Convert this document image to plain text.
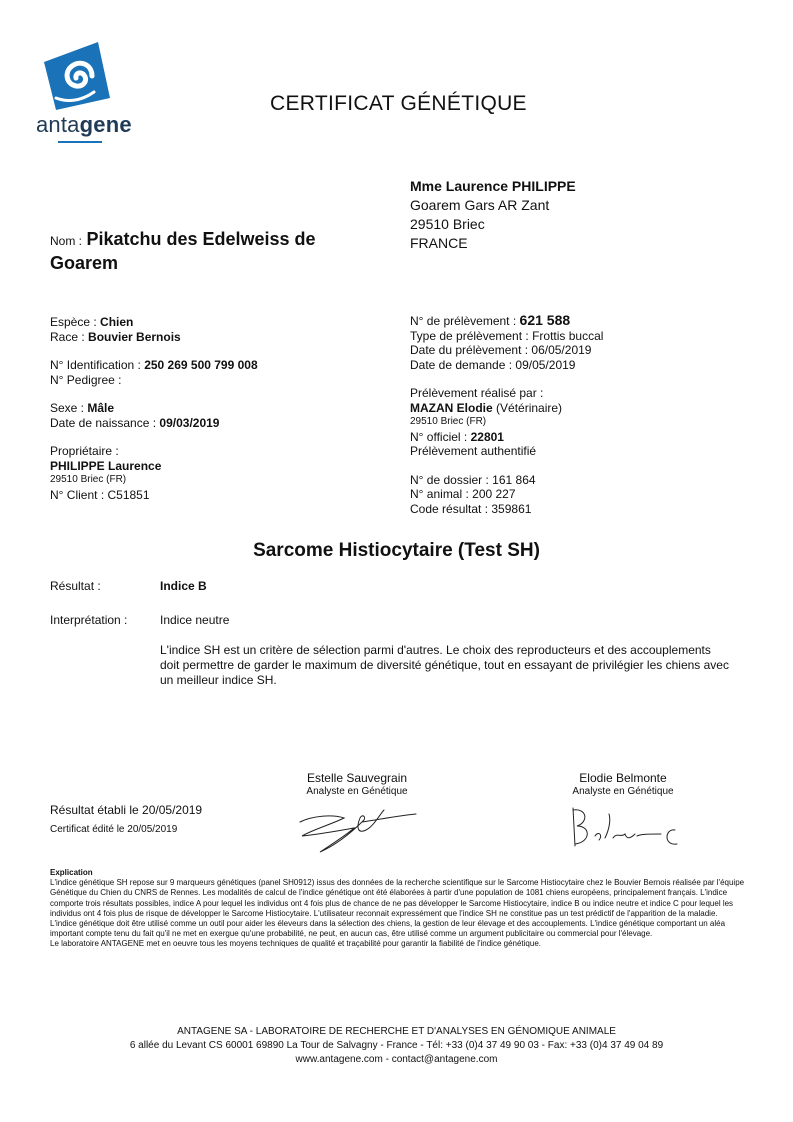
antagene
CERTIFICAT GÉNÉTIQUE
Mme Laurence PHILIPPE
Goarem Gars AR Zant
29510 Briec
FRANCE
Nom : Pikatchu des Edelweiss de Goarem
Espèce : Chien
Race : Bouvier Bernois
N° Identification : 250 269 500 799 008
N° Pedigree :
Sexe : Mâle
Date de naissance : 09/03/2019
Propriétaire :
PHILIPPE Laurence
29510 Briec (FR)
N° Client : C51851
N° de prélèvement : 621 588
Type de prélèvement : Frottis buccal
Date du prélèvement : 06/05/2019
Date de demande : 09/05/2019
Prélèvement réalisé par :
MAZAN Elodie (Vétérinaire)
29510 Briec (FR)
N° officiel : 22801
Prélèvement authentifié
N° de dossier : 161 864
N° animal : 200 227
Code résultat : 359861
Sarcome Histiocytaire (Test SH)
Résultat :	Indice B
Interprétation :	Indice neutre
L'indice SH est un critère de sélection parmi d'autres. Le choix des reproducteurs et des accouplements doit permettre de garder le maximum de diversité génétique, tout en essayant de privilégier les chiens avec un meilleur indice SH.
Estelle Sauvegrain
Analyste en Génétique
Elodie Belmonte
Analyste en Génétique
Résultat établi le 20/05/2019
Certificat édité le 20/05/2019
Explication
L'indice génétique SH repose sur 9 marqueurs génétiques (panel SH0912) issus des données de la recherche scientifique sur le Sarcome Histiocytaire chez le Bouvier Bernois réalisée par l'équipe Génétique du Chien du CNRS de Rennes. Les modalités de calcul de l'indice génétique ont été élaborées à partir d'une population de 1081 chiens européens, principalement français. L'indice comporte trois résultats possibles, indice A pour lequel les individus ont 4 fois plus de chance de ne pas développer le Sarcome Histiocytaire, indice B ou indice neutre et indice C pour lequel les individus ont 4 fois plus de risque de développer le Sarcome Histiocytaire. L'utilisateur reconnait expressément que l'indice SH ne constitue pas un test prédictif de l'apparition de la maladie.
L'indice génétique doit être utilisé comme un outil pour aider les éleveurs dans la sélection des chiens, la gestion de leur élevage et des accouplements. L'indice génétique comportant un aléa important compte tenu du fait qu'il ne met en exergue qu'une probabilité, ne peut, en aucun cas, être utilisé comme un argument publicitaire ou commercial pour l'élevage.
Le laboratoire ANTAGENE met en oeuvre tous les moyens techniques de qualité et traçabilité pour garantir la fiabilité de l'indice génétique.
ANTAGENE SA - LABORATOIRE DE RECHERCHE ET D'ANALYSES EN GÉNOMIQUE ANIMALE
6 allée du Levant CS 60001 69890 La Tour de Salvagny - France - Tél: +33 (0)4 37 49 90 03 - Fax: +33 (0)4 37 49 04 89
www.antagene.com - contact@antagene.com
